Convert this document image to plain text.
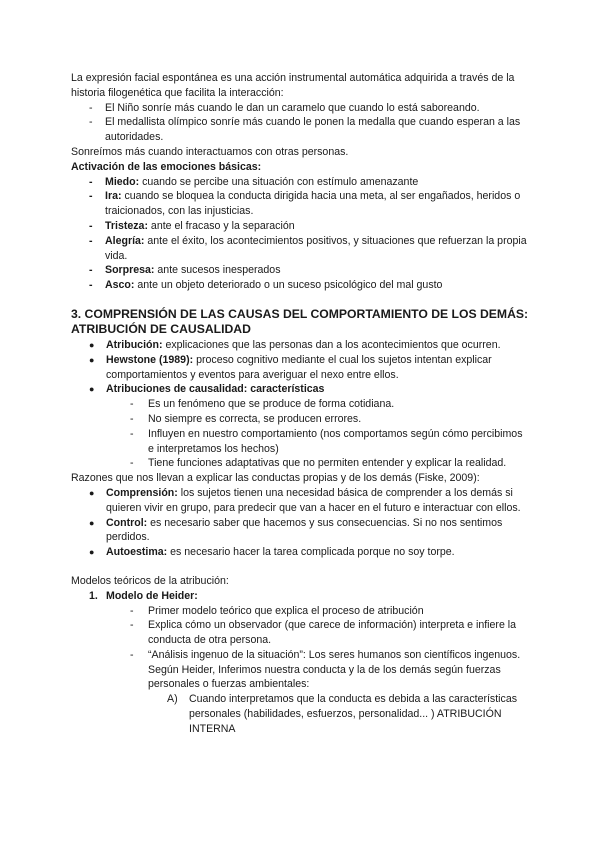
La expresión facial espontánea es una acción instrumental automática adquirida a través de la historia filogenética que facilita la interacción:

- El Niño sonríe más cuando le dan un caramelo que cuando lo está saboreando.
- El medallista olímpico sonríe más cuando le ponen la medalla que cuando esperan a las autoridades.

Sonreímos más cuando interactuamos con otras personas.

Activación de las emociones básicas:

- Miedo: cuando se percibe una situación con estímulo amenazante
- Ira: cuando se bloquea la conducta dirigida hacia una meta, al ser engañados, heridos o traicionados, con las injusticias.
- Tristeza: ante el fracaso y la separación
- Alegría: ante el éxito, los acontecimientos positivos, y situaciones que refuerzan la propia vida.
- Sorpresa: ante sucesos inesperados
- Asco: ante un objeto deteriorado o un suceso psicológico del mal gusto
3. COMPRENSIÓN DE LAS CAUSAS DEL COMPORTAMIENTO DE LOS DEMÁS: ATRIBUCIÓN DE CAUSALIDAD
● Atribución: explicaciones que las personas dan a los acontecimientos que ocurren.
● Hewstone (1989): proceso cognitivo mediante el cual los sujetos intentan explicar comportamientos y eventos para averiguar el nexo entre ellos.
● Atribuciones de causalidad: características
- Es un fenómeno que se produce de forma cotidiana.
- No siempre es correcta, se producen errores.
- Influyen en nuestro comportamiento (nos comportamos según cómo percibimos e interpretamos los hechos)
- Tiene funciones adaptativas que no permiten entender y explicar la realidad.

Razones que nos llevan a explicar las conductas propias y de los demás (Fiske, 2009):

● Comprensión: los sujetos tienen una necesidad básica de comprender a los demás si quieren vivir en grupo, para predecir que van a hacer en el futuro e interactuar con ellos.
● Control: es necesario saber que hacemos y sus consecuencias. Si no nos sentimos perdidos.
● Autoestima: es necesario hacer la tarea complicada porque no soy torpe.

Modelos teóricos de la atribución:

1. Modelo de Heider:
- Primer modelo teórico que explica el proceso de atribución
- Explica cómo un observador (que carece de información) interpreta e infiere la conducta de otra persona.
- “Análisis ingenuo de la situación”: Los seres humanos son científicos ingenuos.

Según Heider, Inferimos nuestra conducta y la de los demás según fuerzas personales o fuerzas ambientales:

A) Cuando interpretamos que la conducta es debida a las características personales (habilidades, esfuerzos, personalidad... ) ATRIBUCIÓN INTERNA
